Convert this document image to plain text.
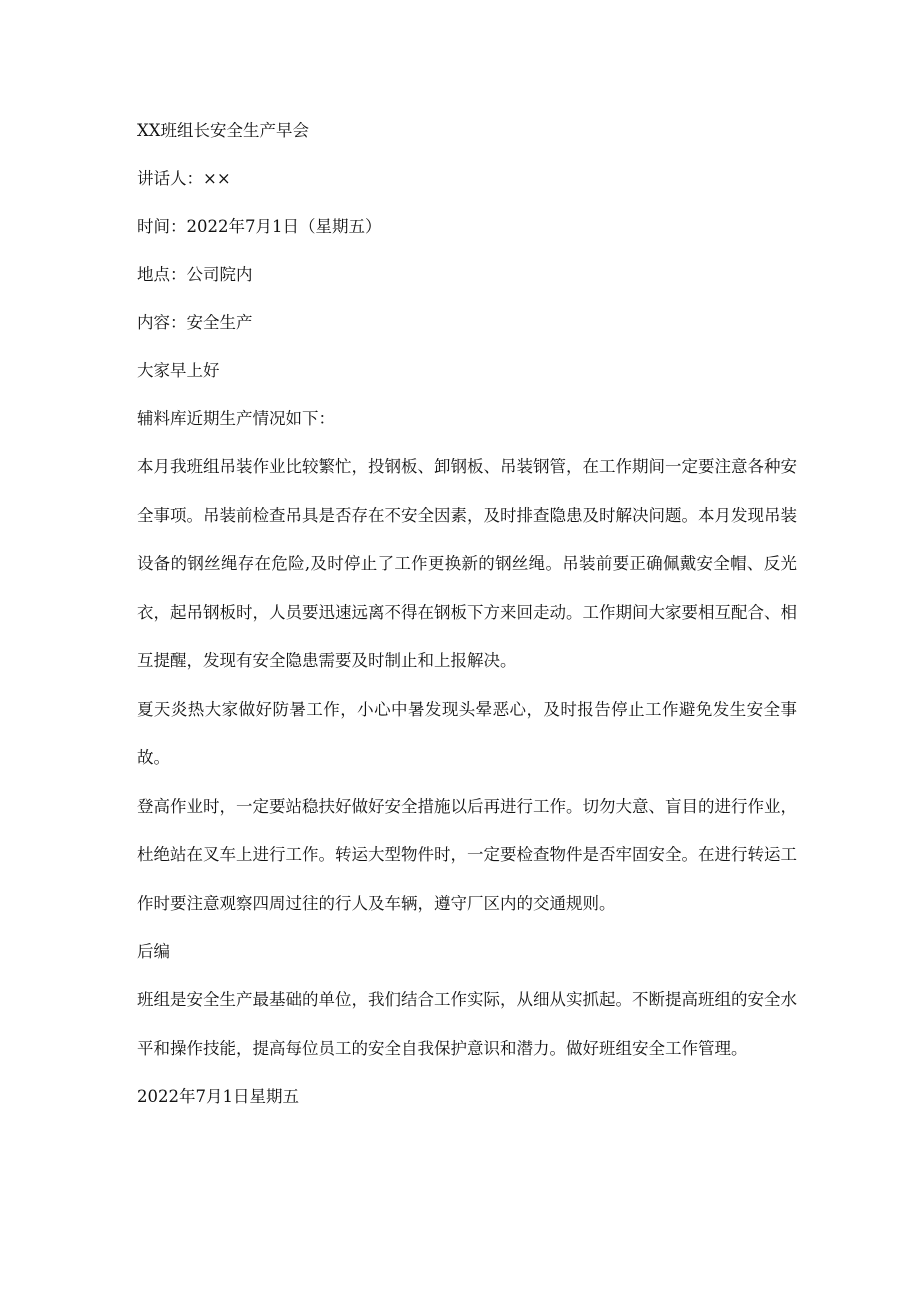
XX班组长安全生产早会

讲话人：××

时间：2022年7月1日（星期五）

地点：公司院内

内容：安全生产

大家早上好

辅料库近期生产情况如下：

本月我班组吊装作业比较繁忙，投钢板、卸钢板、吊装钢管，在工作期间一定要注意各种安全事项。吊装前检查吊具是否存在不安全因素，及时排查隐患及时解决问题。本月发现吊装设备的钢丝绳存在危险,及时停止了工作更换新的钢丝绳。吊装前要正确佩戴安全帽、反光衣，起吊钢板时，人员要迅速远离不得在钢板下方来回走动。工作期间大家要相互配合、相互提醒，发现有安全隐患需要及时制止和上报解决。

夏天炎热大家做好防暑工作，小心中暑发现头晕恶心，及时报告停止工作避免发生安全事故。

登高作业时，一定要站稳扶好做好安全措施以后再进行工作。切勿大意、盲目的进行作业，杜绝站在叉车上进行工作。转运大型物件时，一定要检查物件是否牢固安全。在进行转运工作时要注意观察四周过往的行人及车辆，遵守厂区内的交通规则。

后编

班组是安全生产最基础的单位，我们结合工作实际，从细从实抓起。不断提高班组的安全水平和操作技能，提高每位员工的安全自我保护意识和潜力。做好班组安全工作管理。

2022年7月1日星期五
